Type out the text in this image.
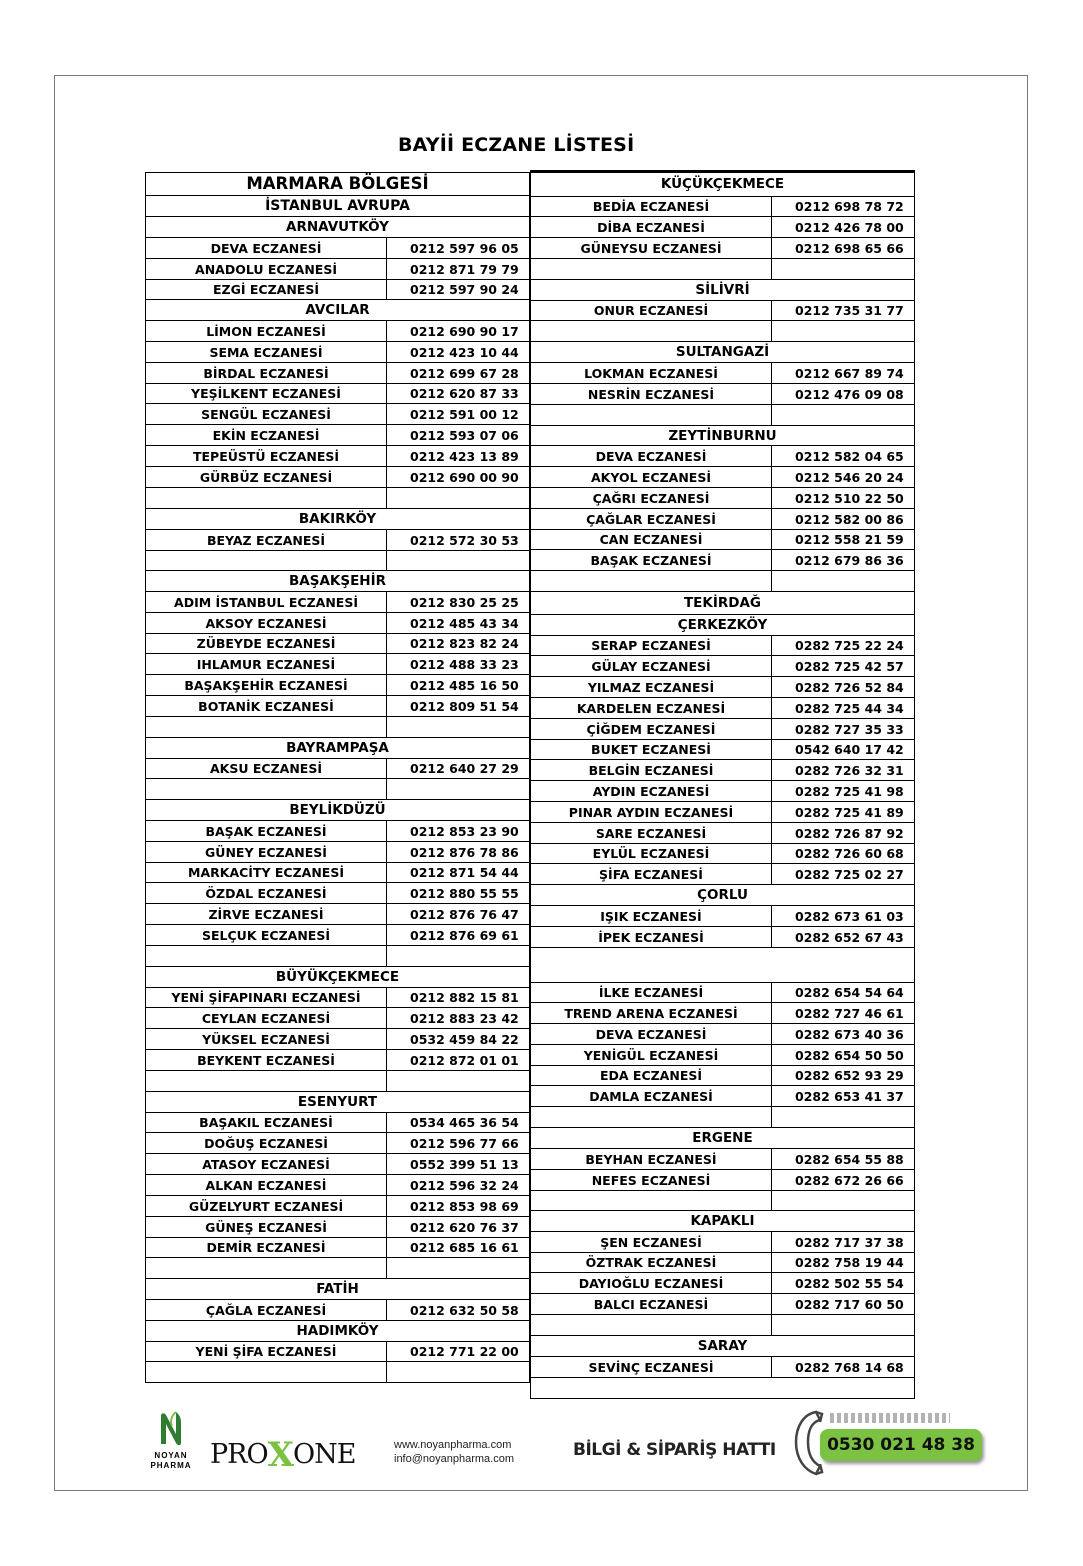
BAYİİ ECZANE LİSTESİ
MARMARA BÖLGESİ
İSTANBUL AVRUPA
ARNAVUTKÖY
DEVA ECZANESİ	0212 597 96 05
ANADOLU ECZANESİ	0212 871 79 79
EZGİ ECZANESİ	0212 597 90 24
AVCILAR
LİMON ECZANESİ	0212 690 90 17
SEMA ECZANESİ	0212 423 10 44
BİRDAL ECZANESİ	0212 699 67 28
YEŞİLKENT ECZANESİ	0212 620 87 33
SENGÜL ECZANESİ	0212 591 00 12
EKİN ECZANESİ	0212 593 07 06
TEPEÜSTÜ ECZANESİ	0212 423 13 89
GÜRBÜZ ECZANESİ	0212 690 00 90
BAKIRKÖY
BEYAZ ECZANESİ	0212 572 30 53
BAŞAKŞEHİR
ADIM İSTANBUL ECZANESİ	0212 830 25 25
AKSOY ECZANESİ	0212 485 43 34
ZÜBEYDE ECZANESİ	0212 823 82 24
IHLAMUR ECZANESİ	0212 488 33 23
BAŞAKŞEHİR ECZANESİ	0212 485 16 50
BOTANİK ECZANESİ	0212 809 51 54
BAYRAMPAŞA
AKSU ECZANESİ	0212 640 27 29
BEYLİKDÜZÜ
BAŞAK ECZANESİ	0212 853 23 90
GÜNEY ECZANESİ	0212 876 78 86
MARKACİTY ECZANESİ	0212 871 54 44
ÖZDAL ECZANESİ	0212 880 55 55
ZİRVE ECZANESİ	0212 876 76 47
SELÇUK ECZANESİ	0212 876 69 61
BÜYÜKÇEKMECE
YENİ ŞİFAPINARI ECZANESİ	0212 882 15 81
CEYLAN ECZANESİ	0212 883 23 42
YÜKSEL ECZANESİ	0532 459 84 22
BEYKENT ECZANESİ	0212 872 01 01
ESENYURT
BAŞAKIL ECZANESİ	0534 465 36 54
DOĞUŞ ECZANESİ	0212 596 77 66
ATASOY ECZANESİ	0552 399 51 13
ALKAN ECZANESİ	0212 596 32 24
GÜZELYURT ECZANESİ	0212 853 98 69
GÜNEŞ ECZANESİ	0212 620 76 37
DEMİR ECZANESİ	0212 685 16 61
FATİH
ÇAĞLA ECZANESİ	0212 632 50 58
HADIMKÖY
YENİ ŞİFA ECZANESİ	0212 771 22 00
KÜÇÜKÇEKMECE
BEDİA ECZANESİ	0212 698 78 72
DİBA ECZANESİ	0212 426 78 00
GÜNEYSU ECZANESİ	0212 698 65 66
SİLİVRİ
ONUR ECZANESİ	0212 735 31 77
SULTANGAZİ
LOKMAN ECZANESİ	0212 667 89 74
NESRİN ECZANESİ	0212 476 09 08
ZEYTİNBURNU
DEVA ECZANESİ	0212 582 04 65
AKYOL ECZANESİ	0212 546 20 24
ÇAĞRI ECZANESİ	0212 510 22 50
ÇAĞLAR ECZANESİ	0212 582 00 86
CAN ECZANESİ	0212 558 21 59
BAŞAK ECZANESİ	0212 679 86 36
TEKİRDAĞ
ÇERKEZKÖY
SERAP ECZANESİ	0282 725 22 24
GÜLAY ECZANESİ	0282 725 42 57
YILMAZ ECZANESİ	0282 726 52 84
KARDELEN ECZANESİ	0282 725 44 34
ÇİĞDEM ECZANESİ	0282 727 35 33
BUKET ECZANESİ	0542 640 17 42
BELGİN ECZANESİ	0282 726 32 31
AYDIN ECZANESİ	0282 725 41 98
PINAR AYDIN ECZANESİ	0282 725 41 89
SARE ECZANESİ	0282 726 87 92
EYLÜL ECZANESİ	0282 726 60 68
ŞİFA ECZANESİ	0282 725 02 27
ÇORLU
IŞIK ECZANESİ	0282 673 61 03
İPEK ECZANESİ	0282 652 67 43
İLKE ECZANESİ	0282 654 54 64
TREND ARENA ECZANESİ	0282 727 46 61
DEVA ECZANESİ	0282 673 40 36
YENİGÜL ECZANESİ	0282 654 50 50
EDA ECZANESİ	0282 652 93 29
DAMLA ECZANESİ	0282 653 41 37
ERGENE
BEYHAN ECZANESİ	0282 654 55 88
NEFES ECZANESİ	0282 672 26 66
KAPAKLI
ŞEN ECZANESİ	0282 717 37 38
ÖZTRAK ECZANESİ	0282 758 19 44
DAYIOĞLU ECZANESİ	0282 502 55 54
BALCI ECZANESİ	0282 717 60 50
SARAY
SEVİNÇ ECZANESİ	0282 768 14 68
NOYAN
PHARMA PROXONE	www.noyanpharma.com
info@noyanpharma.com	BİLGİ & SİPARİŞ HATTI	0530 021 48 38
